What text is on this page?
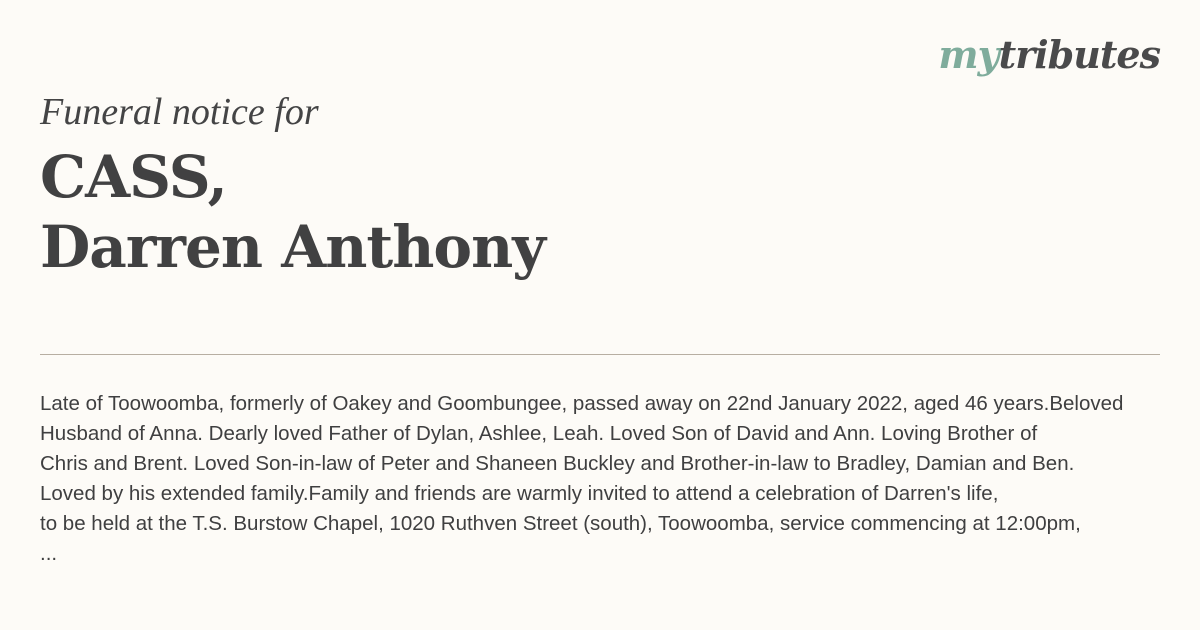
mytributes
Funeral notice for
CASS,
Darren Anthony
Late of Toowoomba, formerly of Oakey and Goombungee, passed away on 22nd January 2022, aged 46 years.Beloved
Husband of Anna. Dearly loved Father of Dylan, Ashlee, Leah. Loved Son of David and Ann. Loving Brother of
Chris and Brent. Loved Son-in-law of Peter and Shaneen Buckley and Brother-in-law to Bradley, Damian and Ben.
Loved by his extended family.Family and friends are warmly invited to attend a celebration of Darren's life,
to be held at the T.S. Burstow Chapel, 1020 Ruthven Street (south), Toowoomba, service commencing at 12:00pm,
...
